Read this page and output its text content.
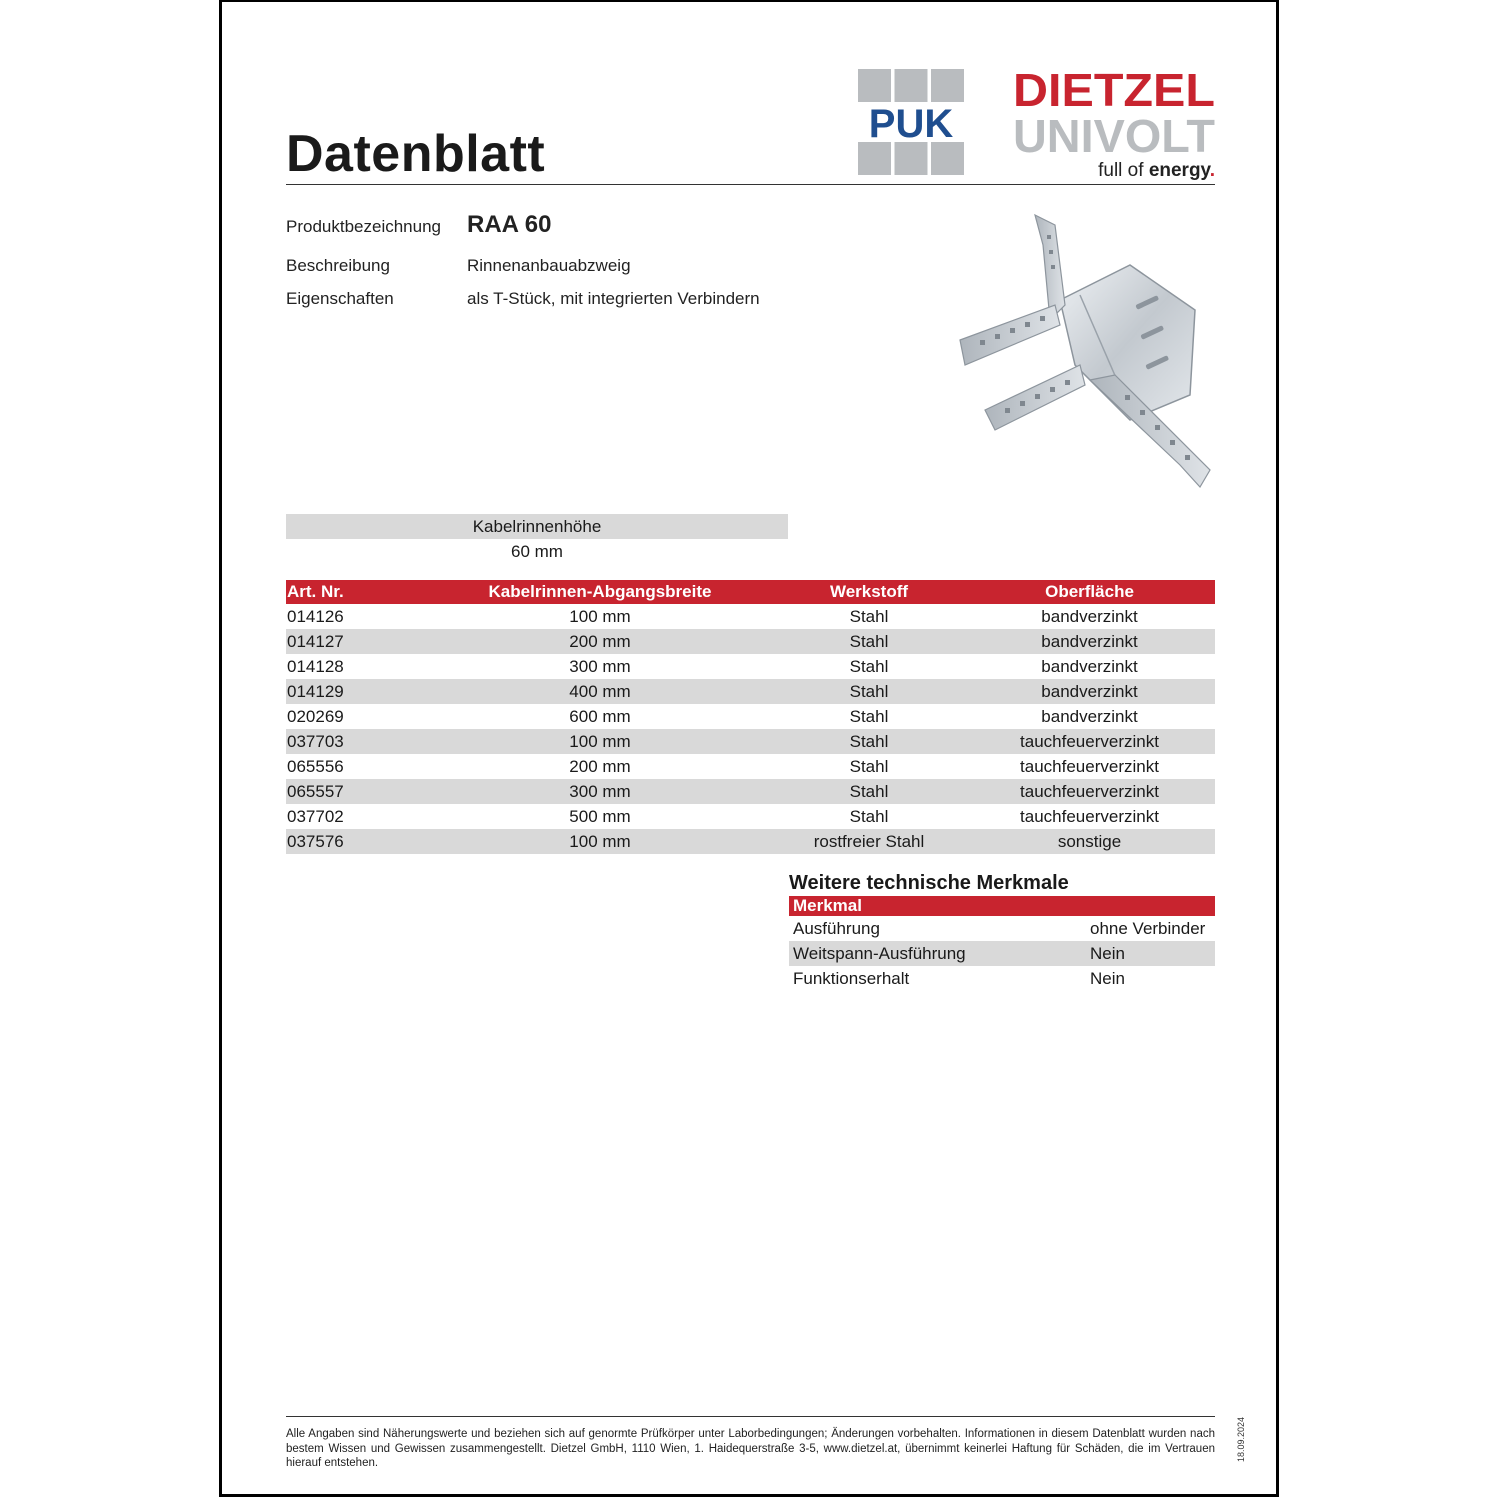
Datenblatt
PUK
DIETZEL
UNIVOLT
full of energy.
Produktbezeichnung RAA 60
Beschreibung	Rinnenanbauabzweig
Eigenschaften	als T-Stück, mit integrierten Verbindern
Kabelrinnenhöhe
60 mm
Art. Nr.	Kabelrinnen-Abgangsbreite	Werkstoff	Oberfläche
014126	100 mm	Stahl	bandverzinkt
014127	200 mm	Stahl	bandverzinkt
014128	300 mm	Stahl	bandverzinkt
014129	400 mm	Stahl	bandverzinkt
020269	600 mm	Stahl	bandverzinkt
037703	100 mm	Stahl	tauchfeuerverzinkt
065556	200 mm	Stahl	tauchfeuerverzinkt
065557	300 mm	Stahl	tauchfeuerverzinkt
037702	500 mm	Stahl	tauchfeuerverzinkt
037576	100 mm	rostfreier Stahl	sonstige
Weitere technische Merkmale
Merkmal	
Ausführung	ohne Verbinder
Weitspann-Ausführung	Nein
Funktionserhalt	Nein
Alle Angaben sind Näherungswerte und beziehen sich auf genormte Prüfkörper unter Laborbedingungen; Änderungen vorbehalten. Informationen in diesem Datenblatt wurden nach bestem Wissen und Gewissen zusammengestellt. Dietzel GmbH, 1110 Wien, 1. Haidequerstraße 3-5, www.dietzel.at, übernimmt keinerlei Haftung für Schäden, die im Vertrauen hierauf entstehen.
18.09.2024
